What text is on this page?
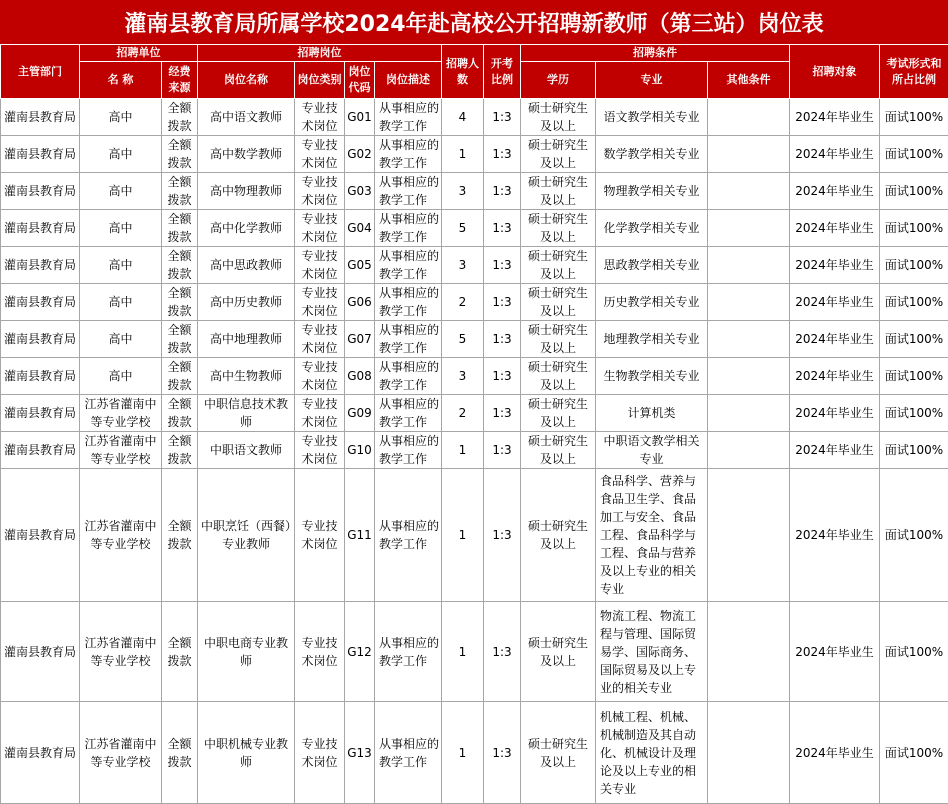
灌南县教育局所属学校2024年赴高校公开招聘新教师（第三站）岗位表
主管部门	招聘单位		招聘岗位				招聘人数	开考比例	招聘条件			招聘对象	考试形式和所占比例
	名 称	经费来源	岗位名称	岗位类别	岗位代码	岗位描述			学历	专业	其他条件		
灌南县教育局	高中	全额拨款	高中语文教师	专业技术岗位	G01	从事相应的教学工作	4	1:3	硕士研究生及以上	语文教学相关专业		2024年毕业生	面试100%
灌南县教育局	高中	全额拨款	高中数学教师	专业技术岗位	G02	从事相应的教学工作	1	1:3	硕士研究生及以上	数学教学相关专业		2024年毕业生	面试100%
灌南县教育局	高中	全额拨款	高中物理教师	专业技术岗位	G03	从事相应的教学工作	3	1:3	硕士研究生及以上	物理教学相关专业		2024年毕业生	面试100%
灌南县教育局	高中	全额拨款	高中化学教师	专业技术岗位	G04	从事相应的教学工作	5	1:3	硕士研究生及以上	化学教学相关专业		2024年毕业生	面试100%
灌南县教育局	高中	全额拨款	高中思政教师	专业技术岗位	G05	从事相应的教学工作	3	1:3	硕士研究生及以上	思政教学相关专业		2024年毕业生	面试100%
灌南县教育局	高中	全额拨款	高中历史教师	专业技术岗位	G06	从事相应的教学工作	2	1:3	硕士研究生及以上	历史教学相关专业		2024年毕业生	面试100%
灌南县教育局	高中	全额拨款	高中地理教师	专业技术岗位	G07	从事相应的教学工作	5	1:3	硕士研究生及以上	地理教学相关专业		2024年毕业生	面试100%
灌南县教育局	高中	全额拨款	高中生物教师	专业技术岗位	G08	从事相应的教学工作	3	1:3	硕士研究生及以上	生物教学相关专业		2024年毕业生	面试100%
灌南县教育局	江苏省灌南中等专业学校	全额拨款	中职信息技术教师	专业技术岗位	G09	从事相应的教学工作	2	1:3	硕士研究生及以上	计算机类		2024年毕业生	面试100%
灌南县教育局	江苏省灌南中等专业学校	全额拨款	中职语文教师	专业技术岗位	G10	从事相应的教学工作	1	1:3	硕士研究生及以上	中职语文教学相关专业		2024年毕业生	面试100%
灌南县教育局	江苏省灌南中等专业学校	全额拨款	中职烹饪（西餐）专业教师	专业技术岗位	G11	从事相应的教学工作	1	1:3	硕士研究生及以上	食品科学、营养与食品卫生学、食品加工与安全、食品工程、食品科学与工程、食品与营养及以上专业的相关专业		2024年毕业生	面试100%
灌南县教育局	江苏省灌南中等专业学校	全额拨款	中职电商专业教师	专业技术岗位	G12	从事相应的教学工作	1	1:3	硕士研究生及以上	物流工程、物流工程与管理、国际贸易学、国际商务、国际贸易及以上专业的相关专业		2024年毕业生	面试100%
灌南县教育局	江苏省灌南中等专业学校	全额拨款	中职机械专业教师	专业技术岗位	G13	从事相应的教学工作	1	1:3	硕士研究生及以上	机械工程、机械、机械制造及其自动化、机械设计及理论及以上专业的相关专业		2024年毕业生	面试100%
